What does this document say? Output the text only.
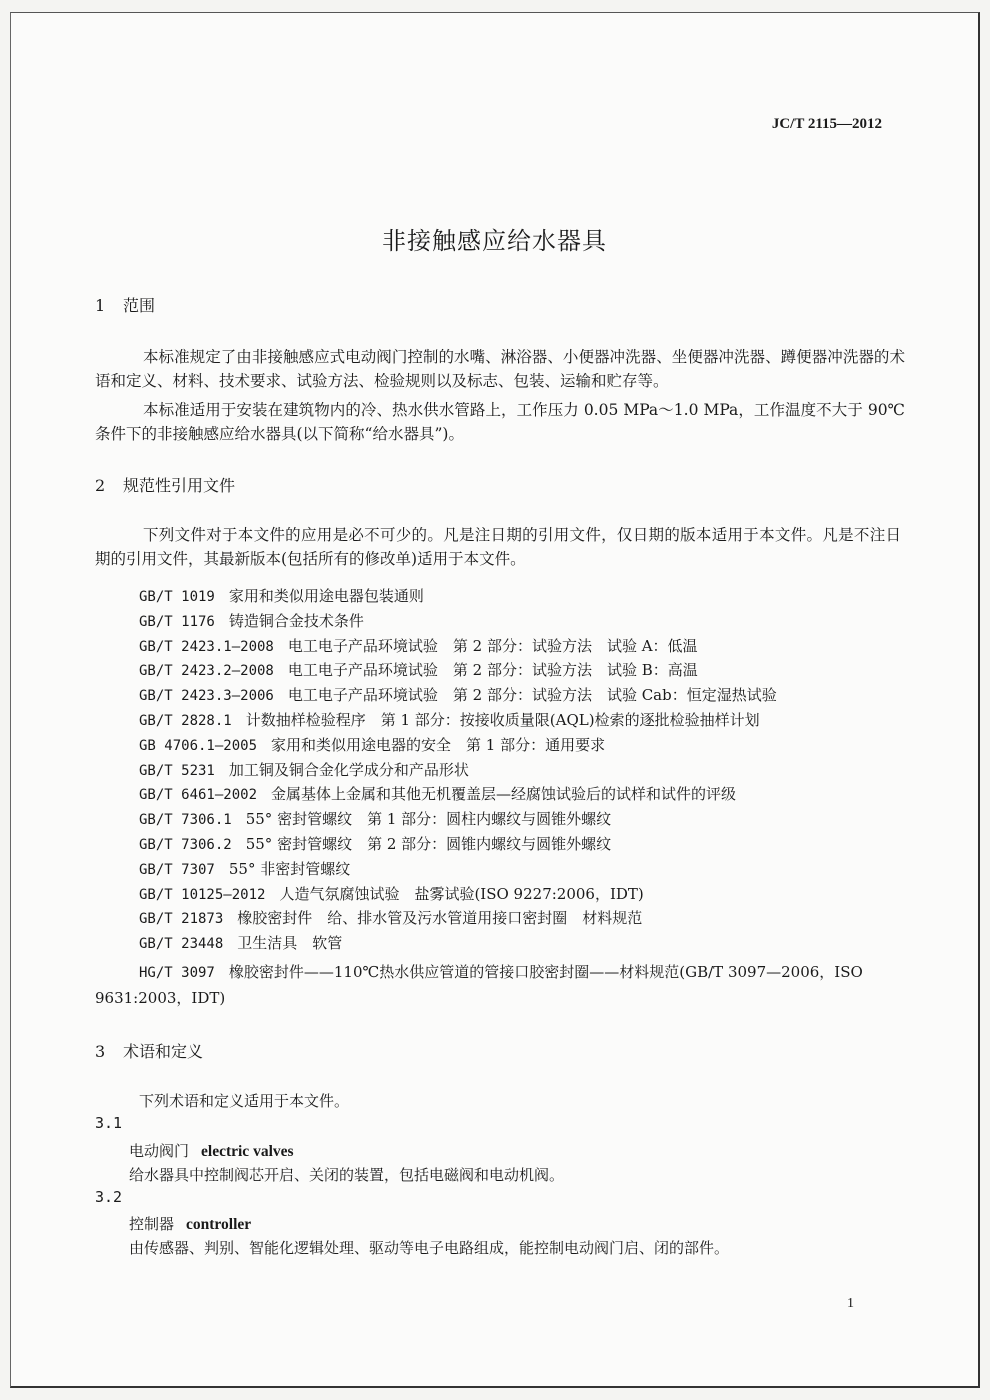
JC/T 2115—2012
非接触感应给水器具
1 范围
本标准规定了由非接触感应式电动阀门控制的水嘴、淋浴器、小便器冲洗器、坐便器冲洗器、蹲便器冲洗器的术语和定义、材料、技术要求、试验方法、检验规则以及标志、包装、运输和贮存等。
本标准适用于安装在建筑物内的冷、热水供水管路上，工作压力 0.05 MPa～1.0 MPa，工作温度不大于 90℃条件下的非接触感应给水器具(以下简称“给水器具”)。
2 规范性引用文件
下列文件对于本文件的应用是必不可少的。凡是注日期的引用文件，仅日期的版本适用于本文件。凡是不注日期的引用文件，其最新版本(包括所有的修改单)适用于本文件。
GB/T 1019 家用和类似用途电器包装通则
GB/T 1176 铸造铜合金技术条件
GB/T 2423.1—2008 电工电子产品环境试验　第 2 部分：试验方法　试验 A：低温
GB/T 2423.2—2008 电工电子产品环境试验　第 2 部分：试验方法　试验 B：高温
GB/T 2423.3—2006 电工电子产品环境试验　第 2 部分：试验方法　试验 Cab：恒定湿热试验
GB/T 2828.1 计数抽样检验程序　第 1 部分：按接收质量限(AQL)检索的逐批检验抽样计划
GB 4706.1—2005 家用和类似用途电器的安全　第 1 部分：通用要求
GB/T 5231 加工铜及铜合金化学成分和产品形状
GB/T 6461—2002 金属基体上金属和其他无机覆盖层—经腐蚀试验后的试样和试件的评级
GB/T 7306.1 55° 密封管螺纹　第 1 部分：圆柱内螺纹与圆锥外螺纹
GB/T 7306.2 55° 密封管螺纹　第 2 部分：圆锥内螺纹与圆锥外螺纹
GB/T 7307 55° 非密封管螺纹
GB/T 10125—2012 人造气氛腐蚀试验　盐雾试验(ISO 9227:2006，IDT)
GB/T 21873 橡胶密封件　给、排水管及污水管道用接口密封圈　材料规范
GB/T 23448 卫生洁具　软管
HG/T 3097 橡胶密封件——110℃热水供应管道的管接口胶密封圈——材料规范(GB/T 3097—2006，ISO 9631:2003，IDT)
3 术语和定义
下列术语和定义适用于本文件。
3.1
电动阀门 electric valves
给水器具中控制阀芯开启、关闭的装置，包括电磁阀和电动机阀。
3.2
控制器 controller
由传感器、判别、智能化逻辑处理、驱动等电子电路组成，能控制电动阀门启、闭的部件。
1
